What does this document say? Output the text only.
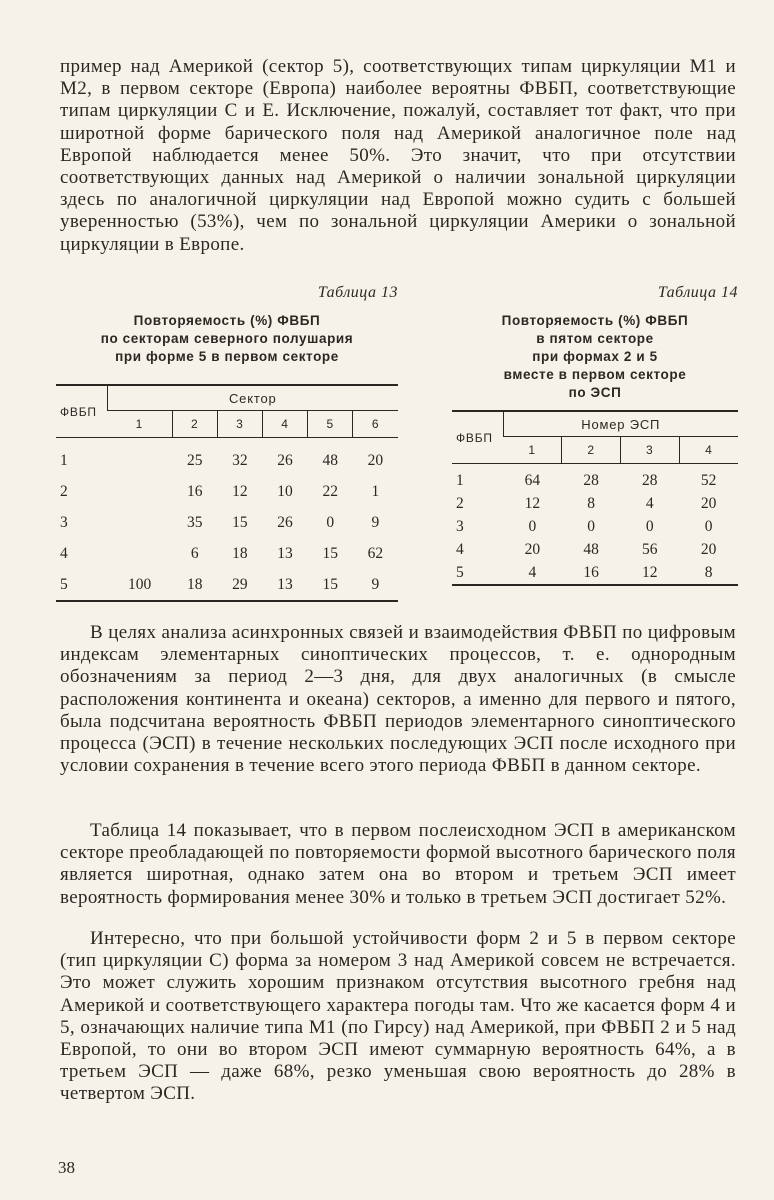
пример над Америкой (сектор 5), соответствующих типам циркуляции М1 и М2, в первом секторе (Европа) наиболее вероятны ФВБП, соответствующие типам циркуляции С и Е. Исключение, пожалуй, составляет тот факт, что при широтной форме барического поля над Америкой аналогичное поле над Европой наблюдается менее 50%. Это значит, что при отсутствии соответствующих данных над Америкой о наличии зональной циркуляции здесь по аналогичной циркуляции над Европой можно судить с большей уверенностью (53%), чем по зональной циркуляции Америки о зональной циркуляции в Европе.

Таблица 13
Повторяемость (%) ФВБП
по секторам северного полушария
при форме 5 в первом секторе
ФВБП	Сектор					
	1	2	3	4	5	6
1		25	32	26	48	20
2		16	12	10	22	1
3		35	15	26	0	9
4		6	18	13	15	62
5	100	18	29	13	15	9
Таблица 14
Повторяемость (%) ФВБП
в пятом секторе
при формах 2 и 5
вместе в первом секторе
по ЭСП
ФВБП	Номер ЭСП			
	1	2	3	4
1	64	28	28	52
2	12	8	4	20
3	0	0	0	0
4	20	48	56	20
5	4	16	12	8

В целях анализа асинхронных связей и взаимодействия ФВБП по цифровым индексам элементарных синоптических процессов, т. е. однородным обозначениям за период 2—3 дня, для двух аналогичных (в смысле расположения континента и океана) секторов, а именно для первого и пятого, была подсчитана вероятность ФВБП периодов элементарного синоптического процесса (ЭСП) в течение нескольких последующих ЭСП после исходного при условии сохранения в течение всего этого периода ФВБП в данном секторе.

Таблица 14 показывает, что в первом послеисходном ЭСП в американском секторе преобладающей по повторяемости формой высотного барического поля является широтная, однако затем она во втором и третьем ЭСП имеет вероятность формирования менее 30% и только в третьем ЭСП достигает 52%.

Интересно, что при большой устойчивости форм 2 и 5 в первом секторе (тип циркуляции С) форма за номером 3 над Америкой совсем не встречается. Это может служить хорошим признаком отсутствия высотного гребня над Америкой и соответствующего характера погоды там. Что же касается форм 4 и 5, означающих наличие типа М1 (по Гирсу) над Америкой, при ФВБП 2 и 5 над Европой, то они во втором ЭСП имеют суммарную вероятность 64%, а в третьем ЭСП — даже 68%, резко уменьшая свою вероятность до 28% в четвертом ЭСП.

38
